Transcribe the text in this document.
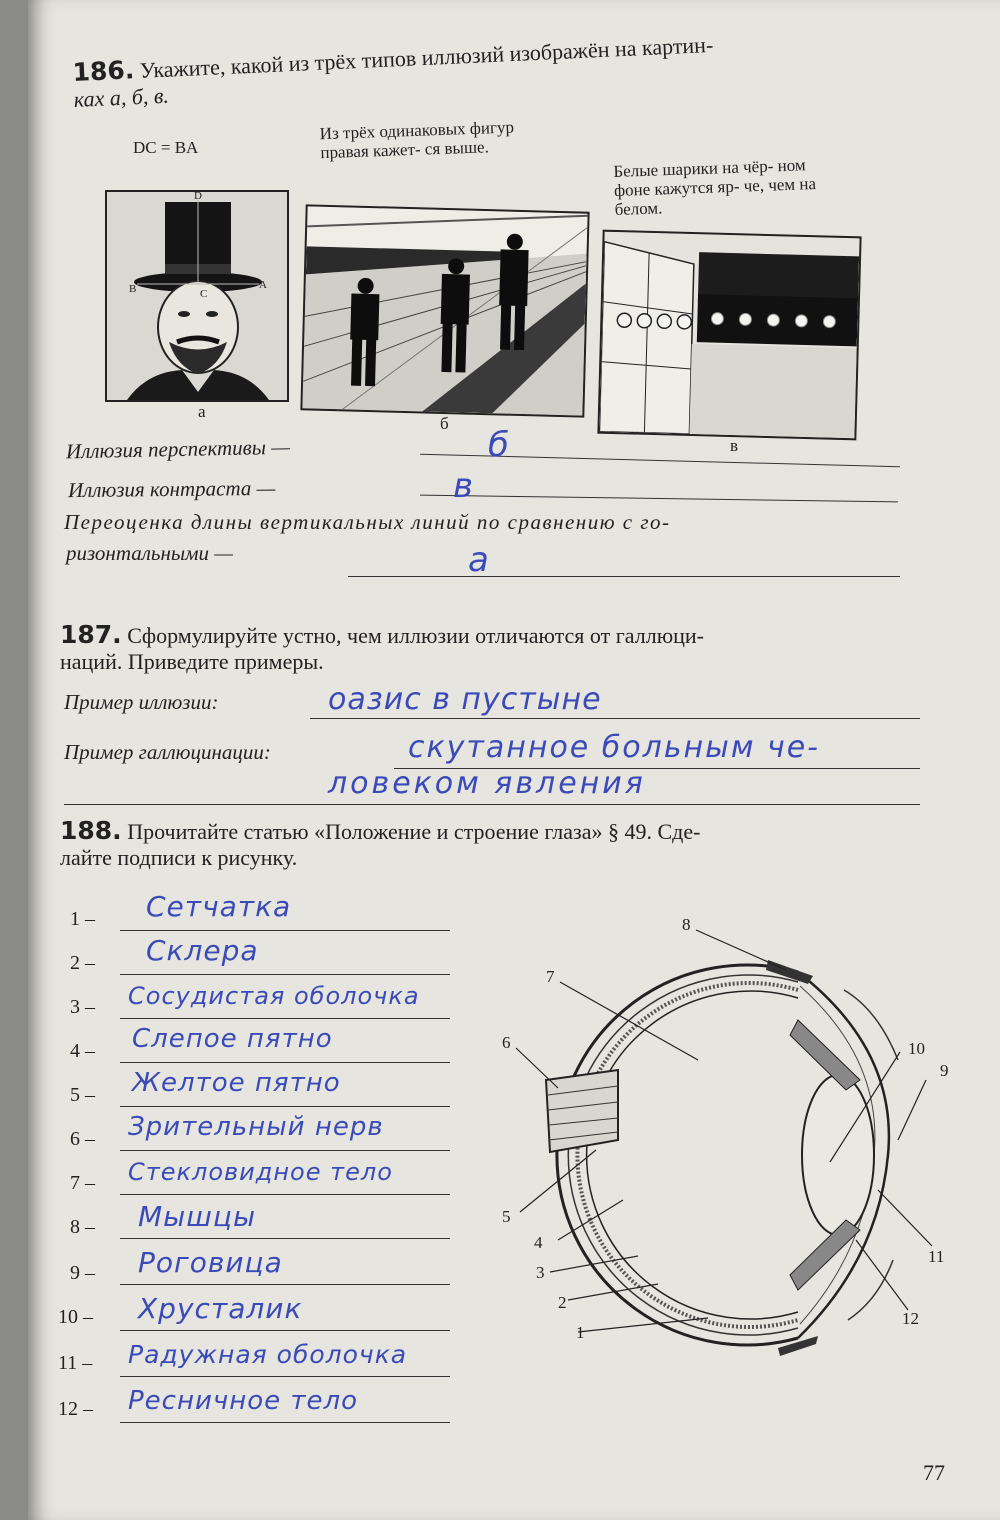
186. Укажите, какой из трёх типов иллюзий изображён на картин-
ках а, б, в.
DC = BA
Из трёх одинаковых фигур правая кажет- ся выше.
Белые шарики на чёр- ном фоне кажутся яр- че, чем на белом.
D
B	A
C
а
б
в
Иллюзия перспективы —	б
Иллюзия контраста —	в
Переоценка длины вертикальных линий по сравнению с го-
ризонтальными —	а
187. Сформулируйте устно, чем иллюзии отличаются от галлюци-
наций. Приведите примеры.
Пример иллюзии:	оазис в пустыне
Пример галлюцинации:	скутанное больным че-
ловеком явления
188. Прочитайте статью «Положение и строение глаза» § 49. Сде-
лайте подписи к рисунку.
1 – Сетчатка
2 – Склера
3 – Сосудистая оболочка
4 – Слепое пятно
5 – Желтое пятно
6 – Зрительный нерв
7 – Стекловидное тело
8 – Мышцы
9 – Роговица
10 – Хрусталик
11 – Радужная оболочка
12 – Ресничное тело
1
2
3
4
5
6
7
8
9
10
11
12
77
